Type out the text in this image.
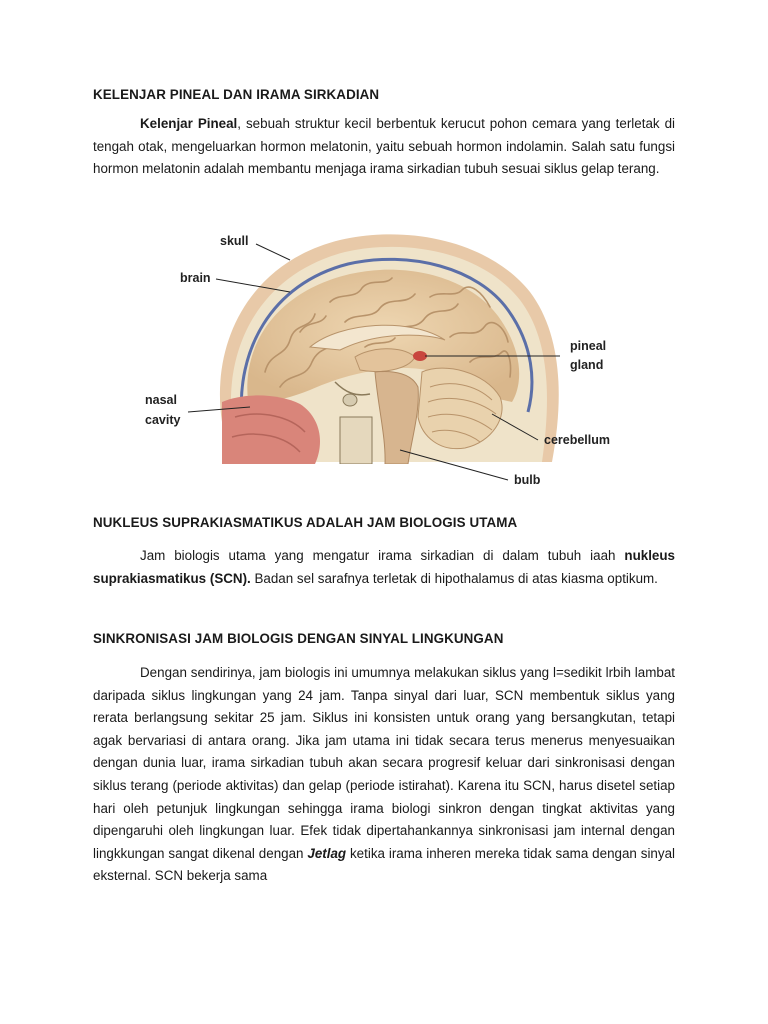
KELENJAR PINEAL DAN IRAMA SIRKADIAN

Kelenjar Pineal, sebuah struktur kecil berbentuk kerucut pohon cemara yang terletak di tengah otak, mengeluarkan hormon melatonin, yaitu sebuah hormon indolamin. Salah satu fungsi hormon melatonin adalah membantu menjaga irama sirkadian tubuh sesuai siklus gelap terang.

skull
brain
pineal
gland
nasal
cavity
cerebellum
bulb
NUKLEUS SUPRAKIASMATIKUS ADALAH JAM BIOLOGIS UTAMA

Jam biologis utama yang mengatur irama sirkadian di dalam tubuh iaah nukleus suprakiasmatikus (SCN). Badan sel sarafnya terletak di hipothalamus di atas kiasma optikum.

SINKRONISASI JAM BIOLOGIS DENGAN SINYAL LINGKUNGAN

Dengan sendirinya, jam biologis ini umumnya melakukan siklus yang l=sedikit lrbih lambat daripada siklus lingkungan yang 24 jam. Tanpa sinyal dari luar, SCN membentuk siklus yang rerata berlangsung sekitar 25 jam. Siklus ini konsisten untuk orang yang bersangkutan, tetapi agak bervariasi di antara orang. Jika jam utama ini tidak secara terus menerus menyesuaikan dengan dunia luar, irama sirkadian tubuh akan secara progresif keluar dari sinkronisasi dengan siklus terang (periode aktivitas) dan gelap (periode istirahat). Karena itu SCN, harus disetel setiap hari oleh petunjuk lingkungan sehingga irama biologi sinkron dengan tingkat aktivitas yang dipengaruhi oleh lingkungan luar. Efek tidak dipertahankannya sinkronisasi jam internal dengan lingkkungan sangat dikenal dengan Jetlag ketika irama inheren mereka tidak sama dengan sinyal eksternal. SCN bekerja sama
